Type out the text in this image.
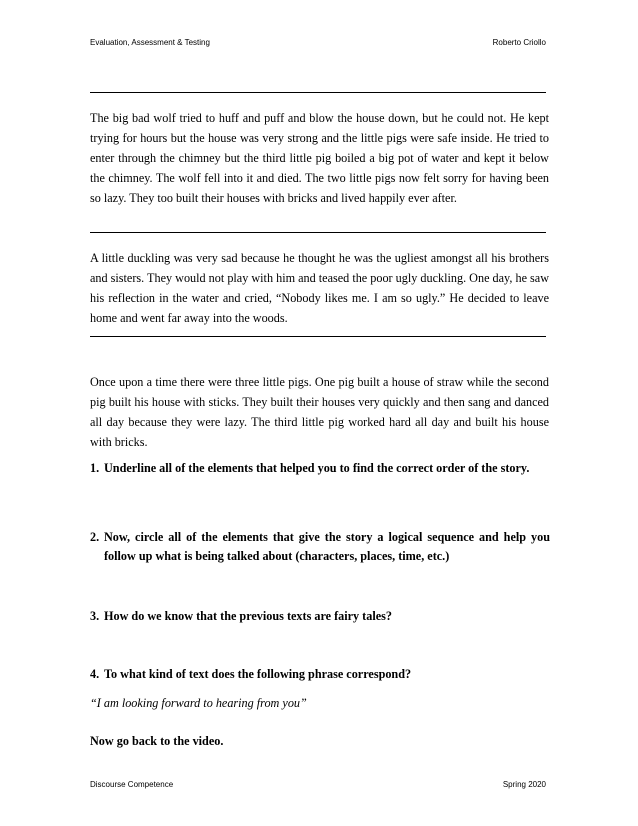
Evaluation, Assessment & Testing	Roberto Criollo

The big bad wolf tried to huff and puff and blow the house down, but he could not. He kept trying for hours but the house was very strong and the little pigs were safe inside. He tried to enter through the chimney but the third little pig boiled a big pot of water and kept it below the chimney. The wolf fell into it and died. The two little pigs now felt sorry for having been so lazy. They too built their houses with bricks and lived happily ever after.

A little duckling was very sad because he thought he was the ugliest amongst all his brothers and sisters. They would not play with him and teased the poor ugly duckling. One day, he saw his reflection in the water and cried, “Nobody likes me. I am so ugly.” He decided to leave home and went far away into the woods.

Once upon a time there were three little pigs. One pig built a house of straw while the second pig built his house with sticks. They built their houses very quickly and then sang and danced all day because they were lazy. The third little pig worked hard all day and built his house with bricks.

1. Underline all of the elements that helped you to find the correct order of the story.
2. Now, circle all of the elements that give the story a logical sequence and help you follow up what is being talked about (characters, places, time, etc.)
3. How do we know that the previous texts are fairy tales?
4. To what kind of text does the following phrase correspond?
“I am looking forward to hearing from you”
Now go back to the video.
Discourse Competence	Spring 2020
